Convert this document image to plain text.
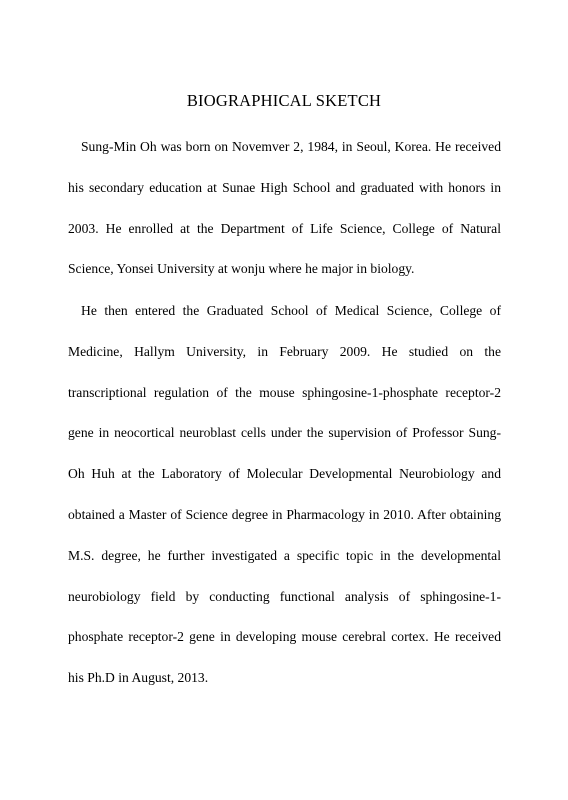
BIOGRAPHICAL SKETCH

Sung-Min Oh was born on Novemver 2, 1984, in Seoul, Korea. He received his secondary education at Sunae High School and graduated with honors in 2003. He enrolled at the Department of Life Science, College of Natural Science, Yonsei University at wonju where he major in biology.

He then entered the Graduated School of Medical Science, College of Medicine, Hallym University, in February 2009. He studied on the transcriptional regulation of the mouse sphingosine-1-phosphate receptor-2 gene in neocortical neuroblast cells under the supervision of Professor Sung-Oh Huh at the Laboratory of Molecular Developmental Neurobiology and obtained a Master of Science degree in Pharmacology in 2010. After obtaining M.S. degree, he further investigated a specific topic in the developmental neurobiology field by conducting functional analysis of sphingosine-1-phosphate receptor-2 gene in developing mouse cerebral cortex. He received his Ph.D in August, 2013.
